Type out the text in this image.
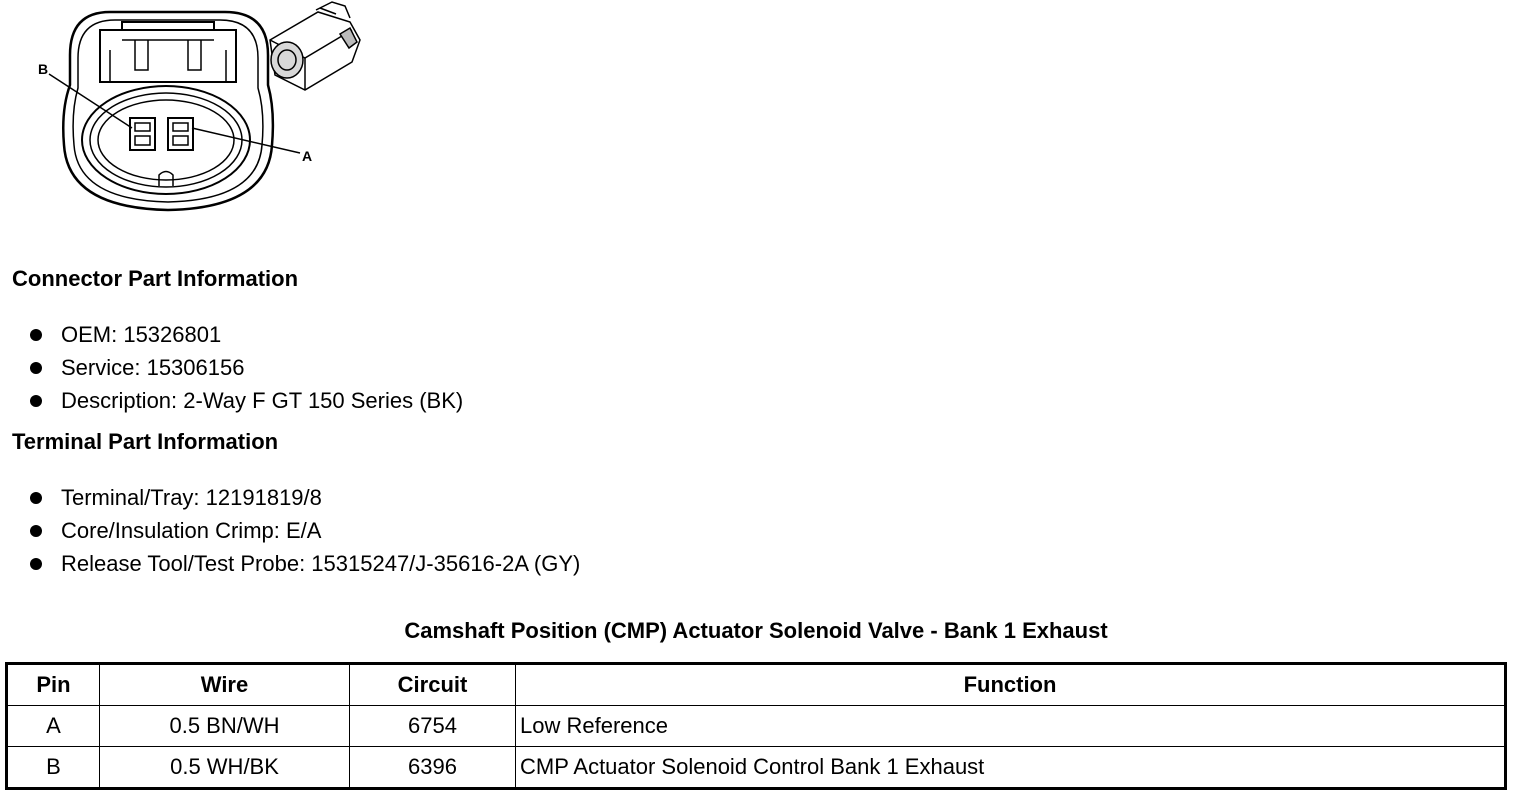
B
A
Connector Part Information
OEM: 15326801
Service: 15306156
Description: 2-Way F GT 150 Series (BK)
Terminal Part Information
Terminal/Tray: 12191819/8
Core/Insulation Crimp: E/A
Release Tool/Test Probe: 15315247/J-35616-2A (GY)
Camshaft Position (CMP) Actuator Solenoid Valve - Bank 1 Exhaust
Pin	Wire	Circuit	Function
A	0.5 BN/WH	6754	Low Reference
B	0.5 WH/BK	6396	CMP Actuator Solenoid Control Bank 1 Exhaust
